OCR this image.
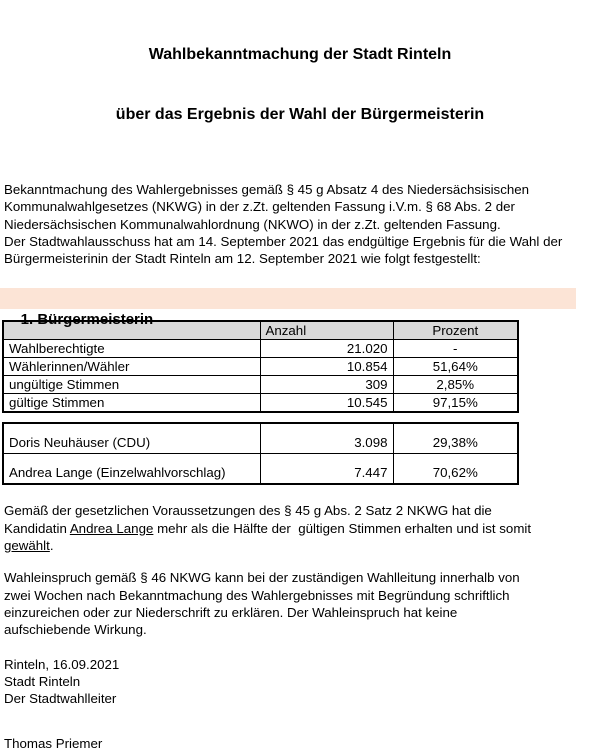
Wahlbekanntmachung der Stadt Rinteln

über das Ergebnis der Wahl der Bürgermeisterin

Bekanntmachung des Wahlergebnisses gemäß § 45 g Absatz 4 des Niedersächsisischen
Kommunalwahlgesetzes (NKWG) in der z.Zt. geltenden Fassung i.V.m. § 68 Abs. 2 der
Niedersächsischen Kommunalwahlordnung (NKWO) in der z.Zt. geltenden Fassung.
Der Stadtwahlausschuss hat am 14. September 2021 das endgültige Ergebnis für die Wahl der
Bürgermeisterinin der Stadt Rinteln am 12. September 2021 wie folgt festgestellt:

1. Bürgermeisterin

	Anzahl	Prozent
Wahlberechtigte	21.020	-
Wählerinnen/Wähler	10.854	51,64%
ungültige Stimmen	309	2,85%
gültige Stimmen	10.545	97,15%
Doris Neuhäuser (CDU)	3.098	29,38%
Andrea Lange (Einzelwahlvorschlag)	7.447	70,62%
Gemäß der gesetzlichen Voraussetzungen des § 45 g Abs. 2 Satz 2 NKWG hat die
Kandidatin Andrea Lange mehr als die Hälfte der  gültigen Stimmen erhalten und ist somit
gewählt.
Wahleinspruch gemäß § 46 NKWG kann bei der zuständigen Wahlleitung innerhalb von
zwei Wochen nach Bekanntmachung des Wahlergebnisses mit Begründung schriftlich
einzureichen oder zur Niederschrift zu erklären. Der Wahleinspruch hat keine
aufschiebende Wirkung.
Rinteln, 16.09.2021
Stadt Rinteln
Der Stadtwahlleiter
Thomas Priemer
